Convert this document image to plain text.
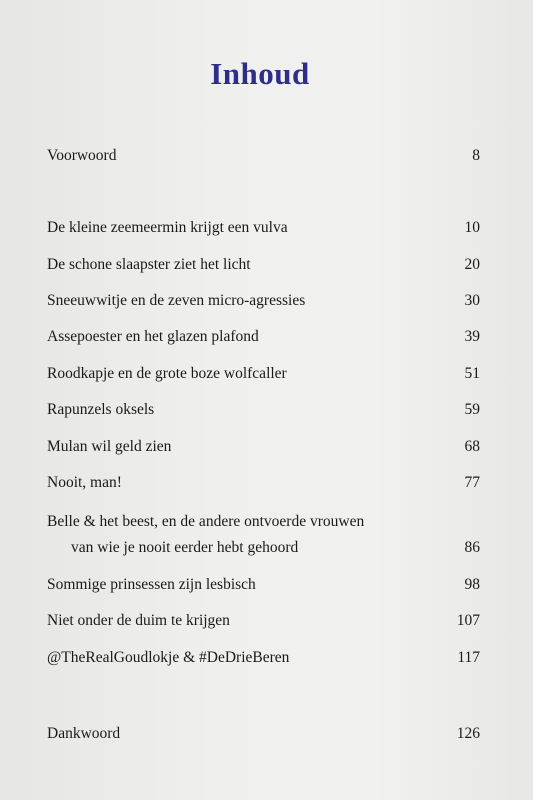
Inhoud
Voorwoord	8
De kleine zeemeermin krijgt een vulva	10
De schone slaapster ziet het licht	20
Sneeuwwitje en de zeven micro-agressies	30
Assepoester en het glazen plafond	39
Roodkapje en de grote boze wolfcaller	51
Rapunzels oksels	59
Mulan wil geld zien	68
Nooit, man!	77
Belle & het beest, en de andere ontvoerde vrouwen
van wie je nooit eerder hebt gehoord	86
Sommige prinsessen zijn lesbisch	98
Niet onder de duim te krijgen	107
@TheRealGoudlokje & #DeDrieBeren	117
Dankwoord	126
